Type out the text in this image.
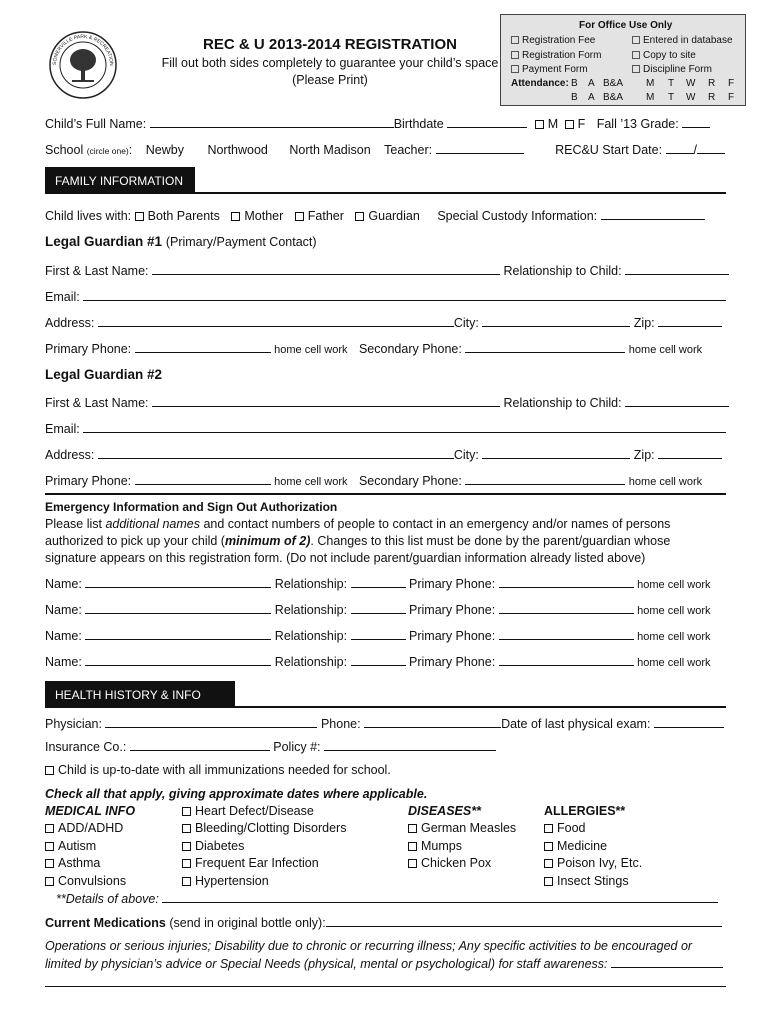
For Office Use Only
Registration Fee	Entered in database
Registration Form	Copy to site
Payment Form	Discipline Form
Attendance: B A B&A M T W R F
B A B&A M T W R F
SOMERVILLE PARK & RECREATION
REC & U 2013-2014 REGISTRATION
Fill out both sides completely to guarantee your child’s space
(Please Print)
Child’s Full Name:	Birthdate	M F Fall ’13 Grade:
School (circle one): Newby Northwood North Madison Teacher:	REC&U Start Date:	/
FAMILY INFORMATION
Child lives with: Both Parents Mother Father Guardian Special Custody Information:
Legal Guardian #1 (Primary/Payment Contact)
First & Last Name:	Relationship to Child:
Email:
Address:	City:	Zip:
Primary Phone:	home cell work Secondary Phone:	home cell work
Legal Guardian #2
First & Last Name:	Relationship to Child:
Email:
Address:	City:	Zip:
Primary Phone:	home cell work Secondary Phone:	home cell work
Emergency Information and Sign Out Authorization
Please list additional names and contact numbers of people to contact in an emergency and/or names of persons
authorized to pick up your child (minimum of 2). Changes to this list must be done by the parent/guardian whose
signature appears on this registration form. (Do not include parent/guardian information already listed above)
Name:	Relationship:	Primary Phone:	home cell work
Name:	Relationship:	Primary Phone:	home cell work
Name:	Relationship:	Primary Phone:	home cell work
Name:	Relationship:	Primary Phone:	home cell work
HEALTH HISTORY & INFO
Physician:	Phone:	Date of last physical exam:
Insurance Co.:	Policy #:
Child is up-to-date with all immunizations needed for school.
Check all that apply, giving approximate dates where applicable.
MEDICAL INFO
ADD/ADHD
Autism
Asthma
Convulsions
Heart Defect/Disease
Bleeding/Clotting Disorders
Diabetes
Frequent Ear Infection
Hypertension
DISEASES**
German Measles
Mumps
Chicken Pox
ALLERGIES**
Food
Medicine
Poison Ivy, Etc.
Insect Stings
**Details of above:
Current Medications (send in original bottle only):
Operations or serious injuries; Disability due to chronic or recurring illness; Any specific activities to be encouraged or
limited by physician’s advice or Special Needs (physical, mental or psychological) for staff awareness:
